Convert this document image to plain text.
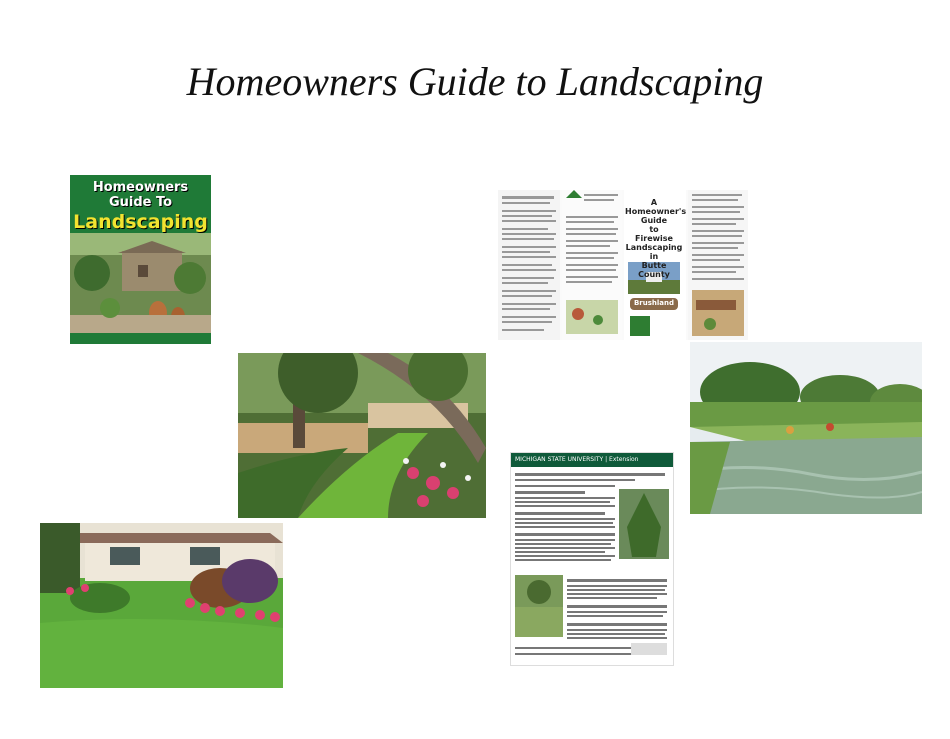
Homeowners Guide to Landscaping
Homeowners Guide To
Landscaping
A
Homeowner's Guide
to
Firewise Landscaping
in
Butte County
Brushland
MICHIGAN STATE UNIVERSITY | Extension
